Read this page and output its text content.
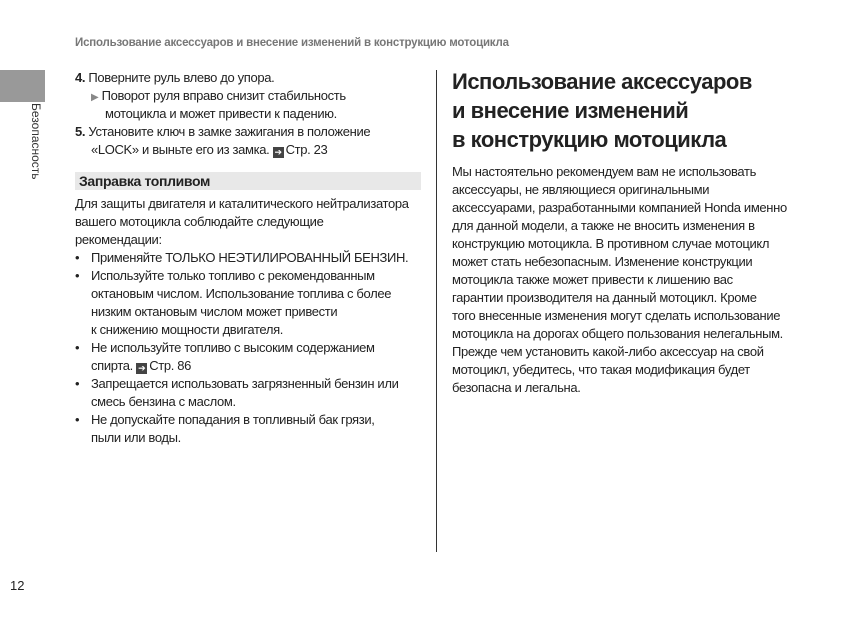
Использование аксессуаров и внесение изменений в конструкцию мотоцикла
Безопасность
4. Поверните руль влево до упора.
▶ Поворот руля вправо снизит стабильность
мотоцикла и может привести к падению.
5. Установите ключ в замке зажигания в положение
«LOCK» и выньте его из замка. ➔ Стр. 23
Заправка топливом
Для защиты двигателя и каталитического нейтрализатора
вашего мотоцикла соблюдайте следующие
рекомендации:
• Применяйте ТОЛЬКО НЕЭТИЛИРОВАННЫЙ БЕНЗИН.
• Используйте только топливо с рекомендованным
октановым числом. Использование топлива с более
низким октановым числом может привести
к снижению мощности двигателя.
• Не используйте топливо с высоким содержанием
спирта. ➔ Стр. 86
• Запрещается использовать загрязненный бензин или
смесь бензина с маслом.
• Не допускайте попадания в топливный бак грязи,
пыли или воды.
Использование аксессуаров
и внесение изменений
в конструкцию мотоцикла
Мы настоятельно рекомендуем вам не использовать
аксессуары, не являющиеся оригинальными
аксессуарами, разработанными компанией Honda именно
для данной модели, а также не вносить изменения в
конструкцию мотоцикла. В противном случае мотоцикл
может стать небезопасным. Изменение конструкции
мотоцикла также может привести к лишению вас
гарантии производителя на данный мотоцикл. Кроме
того внесенные изменения могут сделать использование
мотоцикла на дорогах общего пользования нелегальным.
Прежде чем установить какой-либо аксессуар на свой
мотоцикл, убедитесь, что такая модификация будет
безопасна и легальна.
12
